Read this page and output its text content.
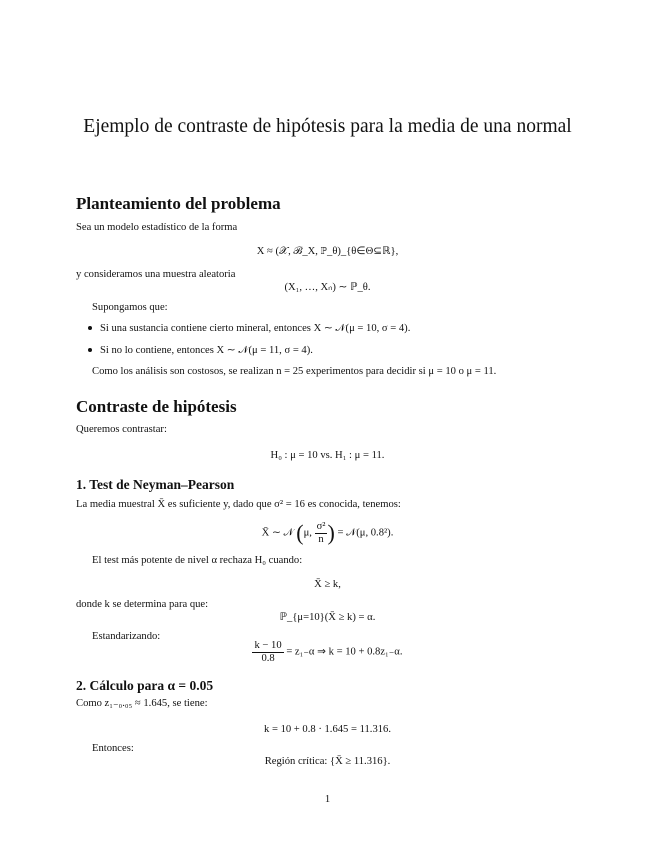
Ejemplo de contraste de hipótesis para la media de una normal
Planteamiento del problema
Sea un modelo estadístico de la forma
X ≈ (𝒳, ℬ_X, ℙ_θ)_{θ∈Θ⊆ℝ},
y consideramos una muestra aleatoria
(X₁, …, Xₙ) ∼ ℙ_θ.
Supongamos que:
Si una sustancia contiene cierto mineral, entonces X ∼ 𝒩(μ = 10, σ = 4).
Si no lo contiene, entonces X ∼ 𝒩(μ = 11, σ = 4).
Como los análisis son costosos, se realizan n = 25 experimentos para decidir si μ = 10 o μ = 11.
Contraste de hipótesis
Queremos contrastar:
H₀ : μ = 10 vs. H₁ : μ = 11.
1. Test de Neyman–Pearson
La media muestral X̄ es suficiente y, dado que σ² = 16 es conocida, tenemos:
X̄ ∼ 𝒩 (μ, $\frac{\text{σ²}}{n}$ ) = 𝒩(μ, 0.8²).
El test más potente de nivel α rechaza H₀ cuando:
X̄ ≥ k,
donde k se determina para que:
ℙ_{μ=10}(X̄ ≥ k) = α.
Estandarizando:
$\frac{k - 10}{0.8} = z_{1-}\alpha$ ⇒ k = 10 + 0.8z₁₋α.
2. Cálculo para α = 0.05
Como z₁₋₀.₀₅ ≈ 1.645, se tiene:
k = 10 + 0.8 · 1.645 = 11.316.
Entonces:
Región crítica: {X̄ ≥ 11.316}.
1
